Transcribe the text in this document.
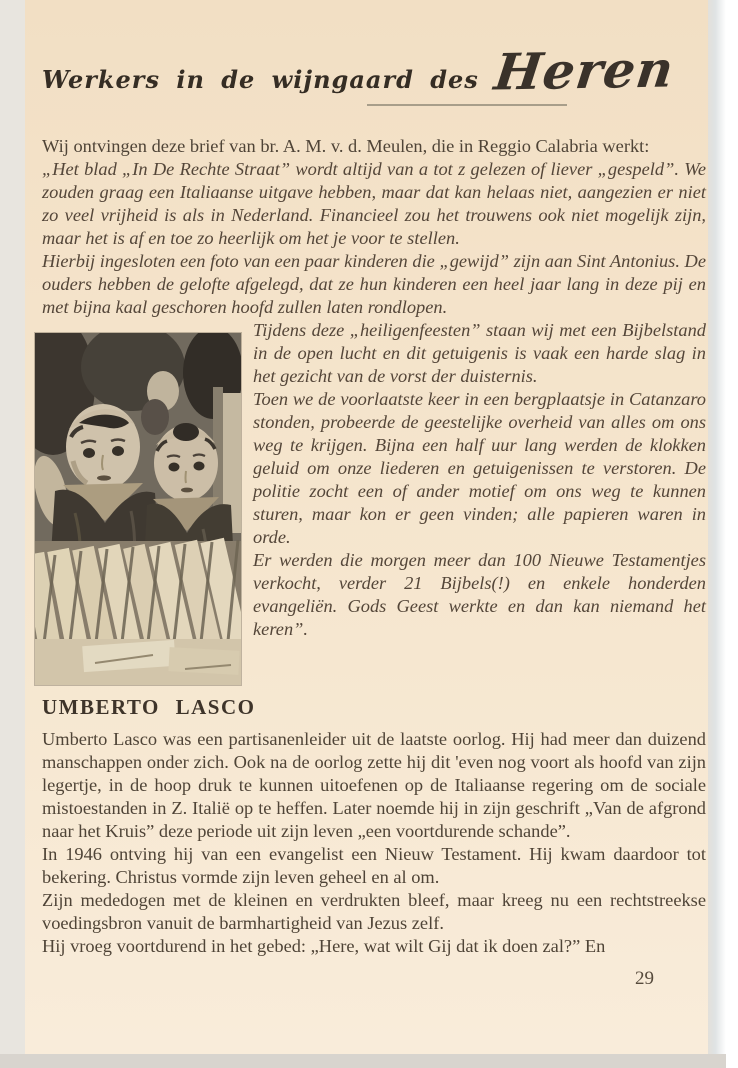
Werkers in de wijngaard des Heren

Wij ontvingen deze brief van br. A. M. v. d. Meulen, die in Reggio Calabria werkt:

„Het blad „In De Rechte Straat” wordt altijd van a tot z gelezen of liever „gespeld”. We zouden graag een Italiaanse uitgave hebben, maar dat kan helaas niet, aangezien er niet zo veel vrijheid is als in Nederland. Financieel zou het trouwens ook niet mogelijk zijn, maar het is af en toe zo heerlijk om het je voor te stellen.

Hierbij ingesloten een foto van een paar kinderen die „gewijd” zijn aan Sint Antonius. De ouders hebben de gelofte afgelegd, dat ze hun kinderen een heel jaar lang in deze pij en met bijna kaal geschoren hoofd zullen laten rondlopen.

Tijdens deze „heiligenfeesten” staan wij met een Bijbelstand in de open lucht en dit getuigenis is vaak een harde slag in het gezicht van de vorst der duisternis.

Toen we de voorlaatste keer in een bergplaatsje in Catanzaro stonden, probeerde de geestelijke overheid van alles om ons weg te krijgen. Bijna een half uur lang werden de klokken geluid om onze liederen en getuigenissen te verstoren. De politie zocht een of ander motief om ons weg te kunnen sturen, maar kon er geen vinden; alle papieren waren in orde.

Er werden die morgen meer dan 100 Nieuwe Testamentjes verkocht, verder 21 Bijbels(!) en enkele honderden evangeliën. Gods Geest werkte en dan kan niemand het keren”.

UMBERTO LASCO

Umberto Lasco was een partisanenleider uit de laatste oorlog. Hij had meer dan duizend manschappen onder zich. Ook na de oorlog zette hij dit 'even nog voort als hoofd van zijn legertje, in de hoop druk te kunnen uitoefenen op de Italiaanse regering om de sociale mistoestanden in Z. Italië op te heffen. Later noemde hij in zijn geschrift „Van de afgrond naar het Kruis” deze periode uit zijn leven „een voortdurende schande”.

In 1946 ontving hij van een evangelist een Nieuw Testament. Hij kwam daardoor tot bekering. Christus vormde zijn leven geheel en al om.

Zijn mededogen met de kleinen en verdrukten bleef, maar kreeg nu een rechtstreekse voedingsbron vanuit de barmhartigheid van Jezus zelf.

Hij vroeg voortdurend in het gebed: „Here, wat wilt Gij dat ik doen zal?” En

29
